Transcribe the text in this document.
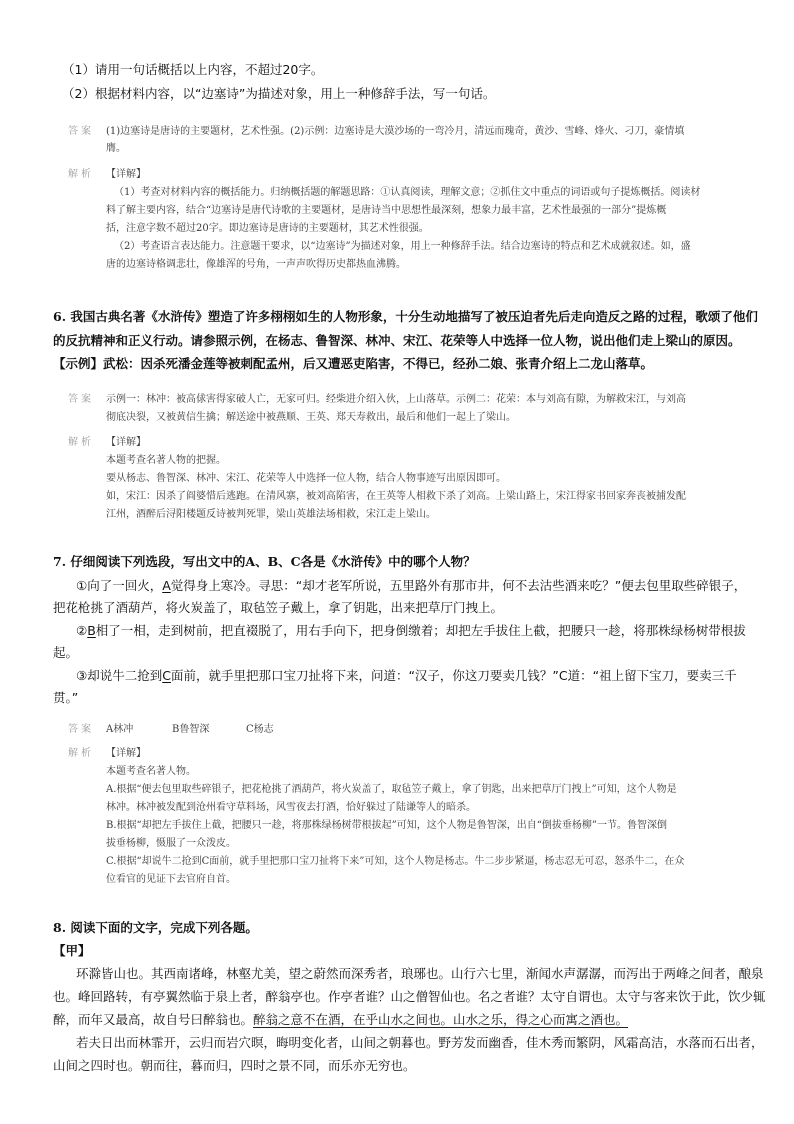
（1）请用一句话概括以上内容，不超过20字。
（2）根据材料内容，以“边塞诗”为描述对象，用上一种修辞手法，写一句话。
答案 (1)边塞诗是唐诗的主要题材，艺术性强。(2)示例：边塞诗是大漠沙场的一弯冷月，清远而瑰奇，黄沙、雪峰、烽火、刁刀，豪情填
膺。
解析 【详解】
（1）考查对材料内容的概括能力。归纳概括题的解题思路：①认真阅读，理解文意；②抓住文中重点的词语或句子提炼概括。阅读材
料了解主要内容，结合“边塞诗是唐代诗歌的主要题材，是唐诗当中思想性最深刻，想象力最丰富，艺术性最强的一部分”提炼概
括，注意字数不超过20字。即边塞诗是唐诗的主要题材，其艺术性很强。
（2）考查语言表达能力。注意题干要求，以“边塞诗”为描述对象，用上一种修辞手法。结合边塞诗的特点和艺术成就叙述。如，盛
唐的边塞诗格调悲壮，像雄浑的号角，一声声吹得历史都热血沸腾。
6. 我国古典名著《水浒传》塑造了许多栩栩如生的人物形象，十分生动地描写了被压迫者先后走向造反之路的过程，歌颂了他们
的反抗精神和正义行动。请参照示例，在杨志、鲁智深、林冲、宋江、花荣等人中选择一位人物，说出他们走上梁山的原因。
【示例】武松：因杀死潘金莲等被刺配孟州，后又遭恶吏陷害，不得已，经孙二娘、张青介绍上二龙山落草。
答案 示例一：林冲：被高俅害得家破人亡，无家可归。经柴进介绍入伙，上山落草。示例二：花荣：本与刘高有隙，为解救宋江，与刘高
彻底决裂，又被黄信生擒；解送途中被燕顺、王英、郑天寿救出，最后和他们一起上了梁山。
解析 【详解】
本题考查名著人物的把握。
要从杨志、鲁智深、林冲、宋江、花荣等人中选择一位人物，结合人物事迹写出原因即可。
如，宋江：因杀了阎婆惜后逃跑。在清风寨，被刘高陷害，在王英等人相救下杀了刘高。上梁山路上，宋江得家书回家奔丧被捕发配
江州，酒醉后浔阳楼题反诗被判死罪，梁山英雄法场相救，宋江走上梁山。
7. 仔细阅读下列选段，写出文中的A、B、C各是《水浒传》中的哪个人物？
①向了一回火，A觉得身上寒冷。寻思：“却才老军所说，五里路外有那市井，何不去沽些酒来吃？”便去包里取些碎银子，
把花枪挑了酒葫芦，将火炭盖了，取毡笠子戴上，拿了钥匙，出来把草厅门拽上。
②B相了一相，走到树前，把直裰脱了，用右手向下，把身倒缴着；却把左手拔住上截，把腰只一趁，将那株绿杨树带根拔
起。
③却说牛二抢到C面前，就手里把那口宝刀扯将下来，问道：“汉子，你这刀要卖几钱？”C道：“祖上留下宝刀，要卖三千
贯。”
答案 A林冲	B鲁智深	C杨志
解析 【详解】
本题考查名著人物。
A.根据“便去包里取些碎银子，把花枪挑了酒葫芦，将火炭盖了，取毡笠子戴上，拿了钥匙，出来把草厅门拽上”可知，这个人物是
林冲。林冲被发配到沧州看守草料场，风雪夜去打酒，恰好躲过了陆谦等人的暗杀。
B.根据“却把左手拔住上截，把腰只一趁，将那株绿杨树带根拔起”可知，这个人物是鲁智深，出自“倒拔垂杨柳”一节。鲁智深倒
拔垂杨柳，慑服了一众泼皮。
C.根据“却说牛二抢到C面前，就手里把那口宝刀扯将下来”可知，这个人物是杨志。牛二步步紧逼，杨志忍无可忍，怒杀牛二，在众
位看官的见证下去官府自首。
8. 阅读下面的文字，完成下列各题。
【甲】
环滁皆山也。其西南诸峰，林壑尤美，望之蔚然而深秀者，琅琊也。山行六七里，渐闻水声潺潺，而泻出于两峰之间者，酿泉
也。峰回路转，有亭翼然临于泉上者，醉翁亭也。作亭者谁？山之僧智仙也。名之者谁？太守自谓也。太守与客来饮于此，饮少辄
醉，而年又最高，故自号曰醉翁也。醉翁之意不在酒，在乎山水之间也。山水之乐，得之心而寓之酒也。
若夫日出而林霏开，云归而岩穴暝，晦明变化者，山间之朝暮也。野芳发而幽香，佳木秀而繁阴，风霜高洁，水落而石出者，
山间之四时也。朝而往，暮而归，四时之景不同，而乐亦无穷也。
